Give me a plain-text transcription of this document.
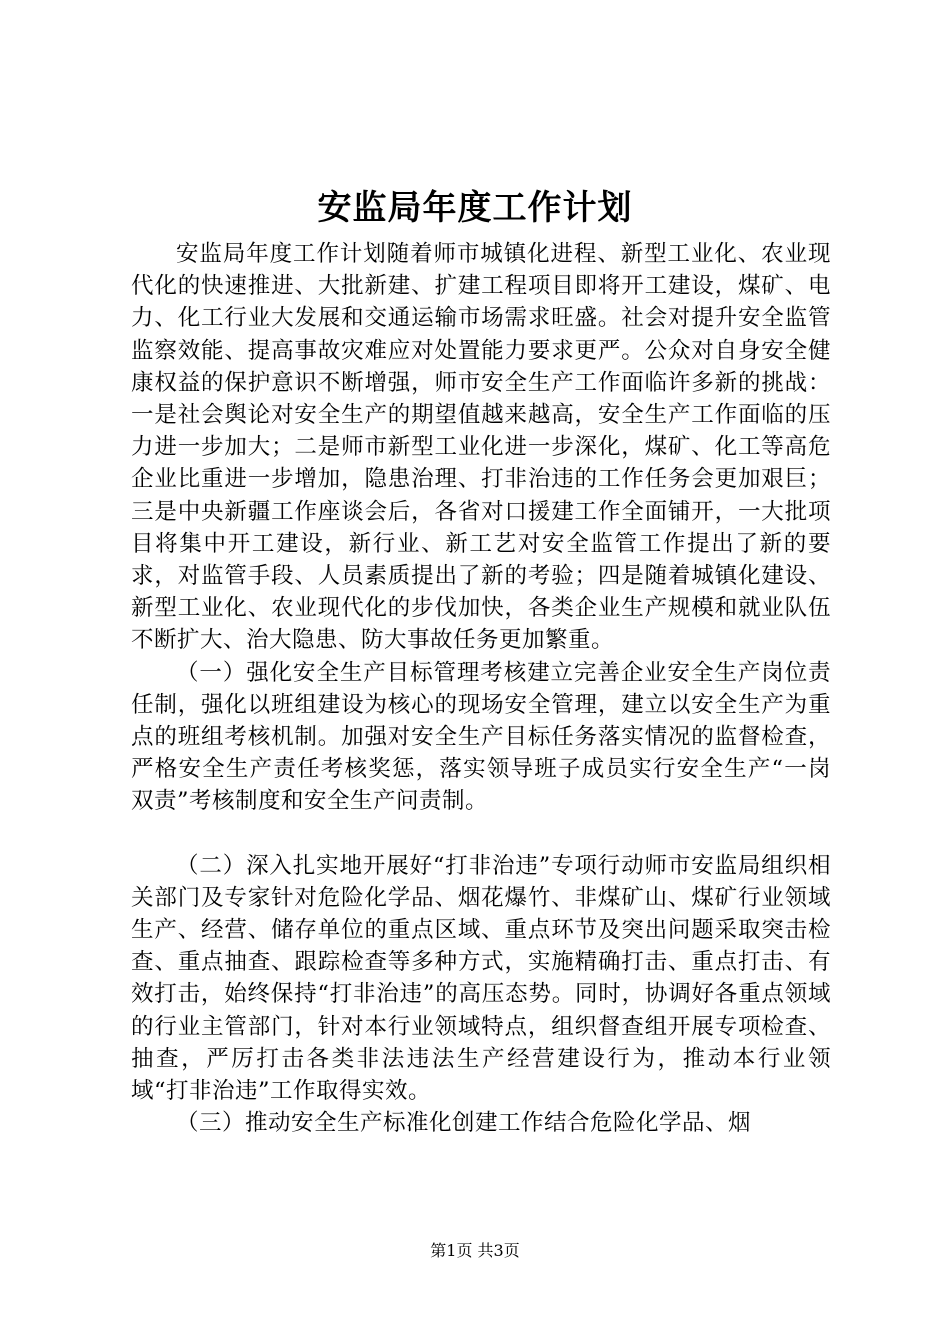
安监局年度工作计划

安监局年度工作计划随着师市城镇化进程、新型工业化、农业现代化的快速推进、大批新建、扩建工程项目即将开工建设，煤矿、电力、化工行业大发展和交通运输市场需求旺盛。社会对提升安全监管监察效能、提高事故灾难应对处置能力要求更严。公众对自身安全健康权益的保护意识不断增强，师市安全生产工作面临许多新的挑战：一是社会舆论对安全生产的期望值越来越高，安全生产工作面临的压力进一步加大；二是师市新型工业化进一步深化，煤矿、化工等高危企业比重进一步增加，隐患治理、打非治违的工作任务会更加艰巨；三是中央新疆工作座谈会后，各省对口援建工作全面铺开，一大批项目将集中开工建设，新行业、新工艺对安全监管工作提出了新的要求，对监管手段、人员素质提出了新的考验；四是随着城镇化建设、新型工业化、农业现代化的步伐加快，各类企业生产规模和就业队伍不断扩大、治大隐患、防大事故任务更加繁重。

（一）强化安全生产目标管理考核建立完善企业安全生产岗位责任制，强化以班组建设为核心的现场安全管理，建立以安全生产为重点的班组考核机制。加强对安全生产目标任务落实情况的监督检查，严格安全生产责任考核奖惩，落实领导班子成员实行安全生产“一岗双责”考核制度和安全生产问责制。

（二）深入扎实地开展好“打非治违”专项行动师市安监局组织相关部门及专家针对危险化学品、烟花爆竹、非煤矿山、煤矿行业领域生产、经营、储存单位的重点区域、重点环节及突出问题采取突击检查、重点抽查、跟踪检查等多种方式，实施精确打击、重点打击、有效打击，始终保持“打非治违”的高压态势。同时，协调好各重点领域的行业主管部门，针对本行业领域特点，组织督查组开展专项检查、抽查，严厉打击各类非法违法生产经营建设行为，推动本行业领域“打非治违”工作取得实效。

（三）推动安全生产标准化创建工作结合危险化学品、烟

第1页 共3页
